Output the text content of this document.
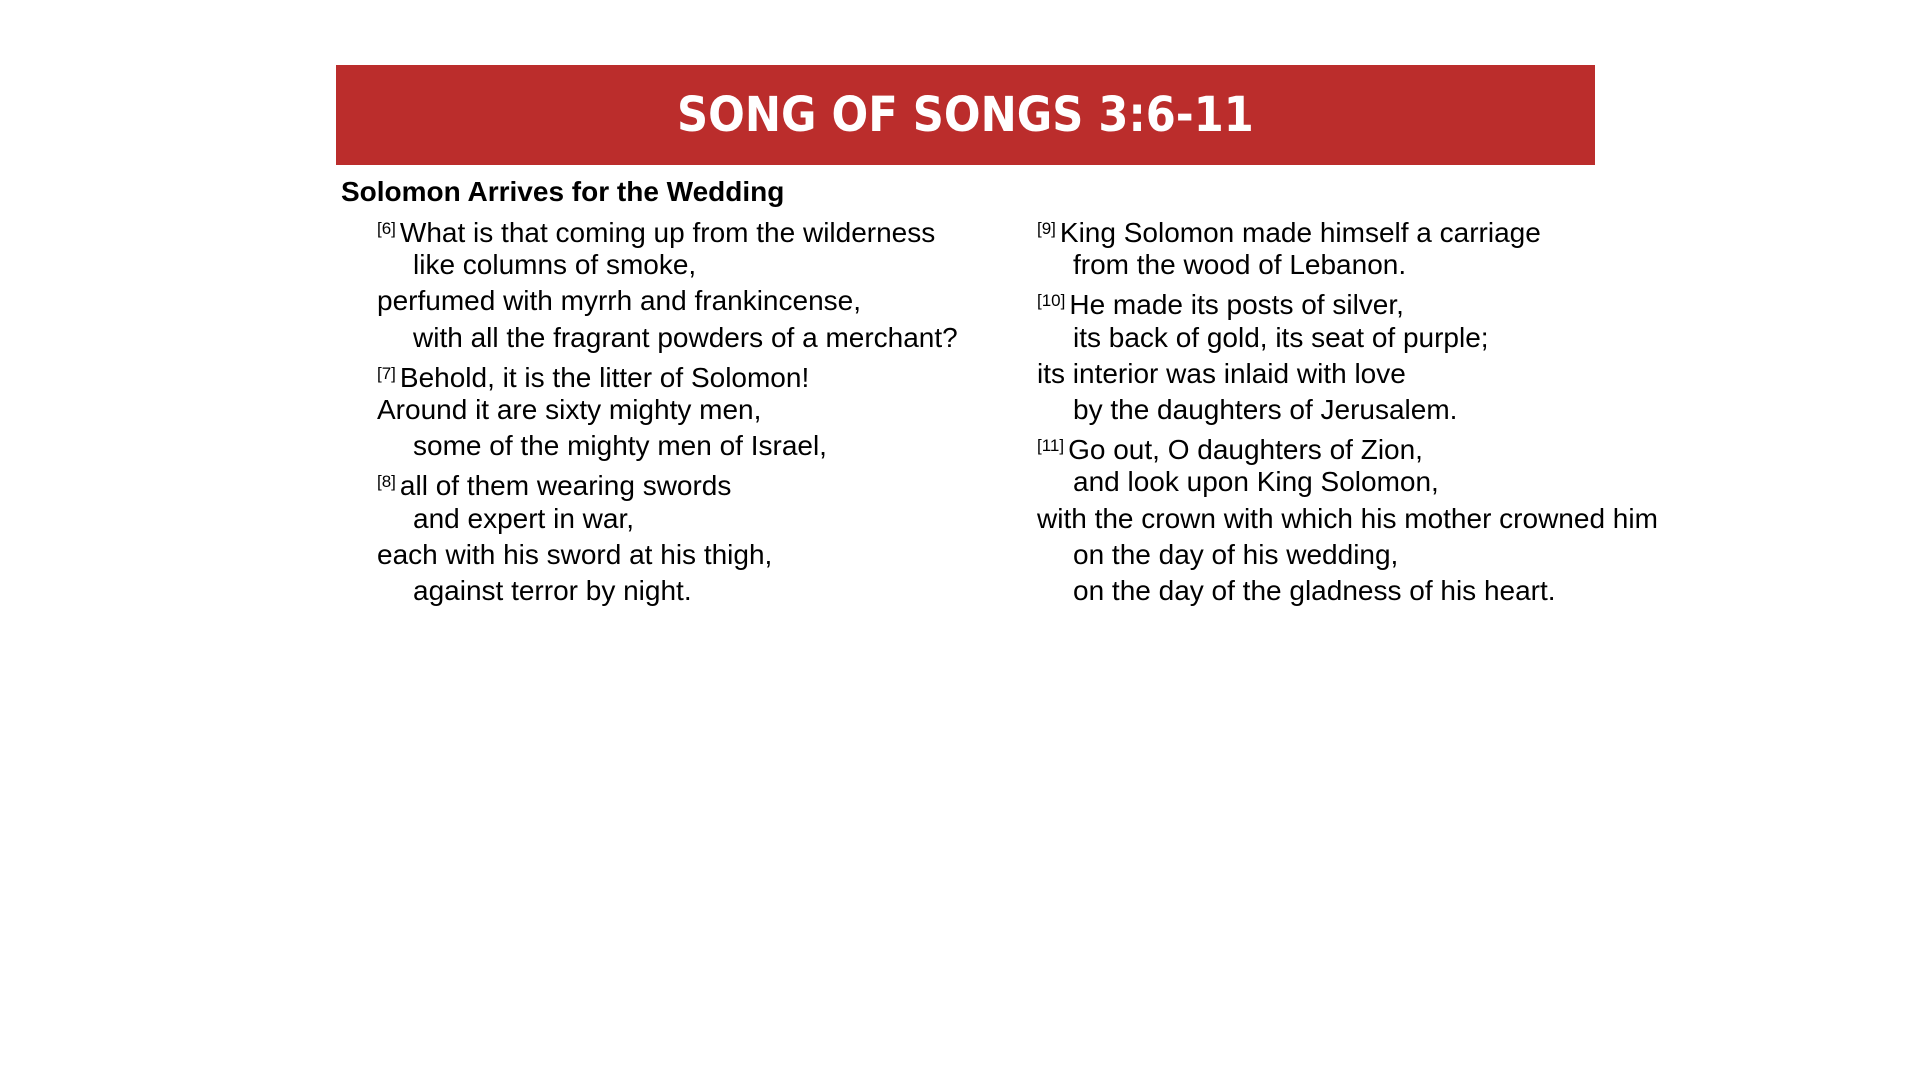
SONG OF SONGS 3:6-11
Solomon Arrives for the Wedding
[6] What is that coming up from the wilderness
like columns of smoke,
perfumed with myrrh and frankincense,
with all the fragrant powders of a merchant?
[7] Behold, it is the litter of Solomon!
Around it are sixty mighty men,
some of the mighty men of Israel,
[8] all of them wearing swords
and expert in war,
each with his sword at his thigh,
against terror by night.
[9] King Solomon made himself a carriage
from the wood of Lebanon.
[10] He made its posts of silver,
its back of gold, its seat of purple;
its interior was inlaid with love
by the daughters of Jerusalem.
[11] Go out, O daughters of Zion,
and look upon King Solomon,
with the crown with which his mother crowned him
on the day of his wedding,
on the day of the gladness of his heart.
